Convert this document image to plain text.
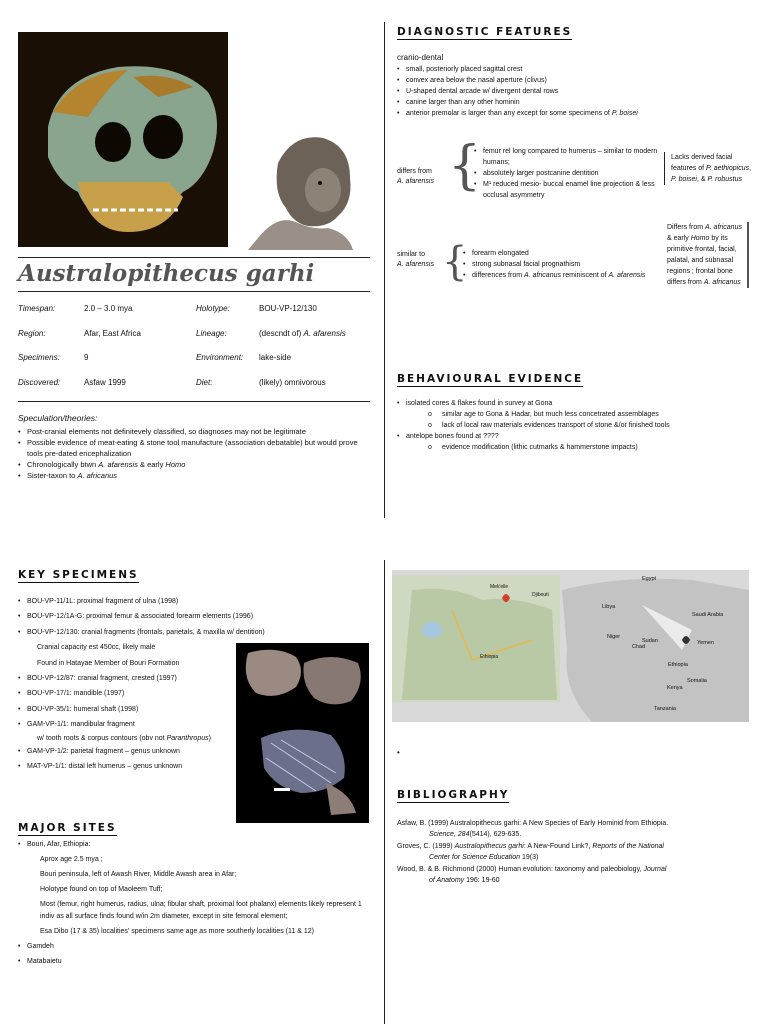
Australopithecus garhi
Timespan:	2.0 – 3.0 mya	Holotype:	BOU-VP-12/130
Region:	Afar, East Africa	Lineage:	(descndt of) A. afarensis
Specimens:	9	Environment: lake-side
Discovered:	Asfaw 1999	Diet:	(likely) omnivorous
Speculation/theories:
• Post-cranial elements not definitevely classified, so diagnoses may not be legitimate
• Possible evidence of meat-eating & stone tool manufacture (association debatable) but would prove tools pre-dated encephalization
• Chronologically btwn A. afarensis & early Homo
• Sister-taxon to A. africanus
DIAGNOSTIC FEATURES
cranio-dental
• small, posteriorly placed sagittal crest
• convex area below the nasal aperture (clivus)
• U-shaped dental arcade w/ divergent dental rows
• canine larger than any other hominin
• anterior premolar is larger than any except for some specimens of P. boisei
differs from
A. afarensis { • femur rel long compared to humerus – similar to modern humans;
• absolutely larger postcanine dentition
• M¹ reduced mesio- buccal enamel line projection & less occlusal asymmetry
Lacks derived facial features of P. aethiopicus, P. boisei, & P. robustus
similar to
A. afarensis { • forearm elongated
• strong subnasal facial prognathism
• differences from A. africanus reminiscent of A. afarensis
Differs from A. africanus & early Homo by its primitive frontal, facial, palatal, and subnasal regions ; frontal bone differs from A. africanus
BEHAVIOURAL EVIDENCE
• isolated cores & flakes found in survey at Gona
o similar age to Gona & Hadar, but much less concetrated assemblages
o lack of local raw materials evidences transport of stone &/or finished tools
• antelope bones found at ????
o evidence modification (lithic cutmarks & hammerstone impacts)
KEY SPECIMENS
• BOU-VP-11/1L: proximal fragment of ulna (1998)
• BOU-VP-12/1A-G: proximal femur & associated forearm elements (1996)
• BOU-VP-12/130: cranial fragments (frontals, parietals, & maxilla w/ dentition)
Cranial capacity est 450cc, likely male
Found in Hatayae Member of Bouri Formation
• BOU-VP-12/87: cranial fragment, crested (1997)
• BOU-VP-17/1: mandible (1997)
• BOU-VP-35/1: humeral shaft (1998)
• GAM-VP-1/1: mandibular fragment
w/ tooth roots & corpus contours (obv not Paranthropus)
• GAM-VP-1/2: parietal fragment – genus unknown
• MAT-VP-1/1: distal left humerus – genus unknown
MAJOR SITES
• Bouri, Afar, Ethiopia:
Aprox age 2.5 mya ;
Bouri peninsula, left of Awash River, Middle Awash area in Afar;
Holotype found on top of Maoleem Tuff;
Most (femur, right humerus, radius, ulna; fibular shaft, proximal foot phalanx) elements likely represent 1 indiv as all surface finds found w/in 2m diameter, except in site femoral element;
Esa Dibo (17 & 35) localities' specimens same age as more southerly localities (11 & 12)
• Gamdeh
• Matabaietu
Mek'elle
Djibouti
Ethiopia
Libya
Egypt
Saudi Arabia
Niger
Chad
Sudan	Yemen
Ethiopia
Somalia
Kenya
Tanzania
•
BIBLIOGRAPHY
Asfaw, B. (1999) Australopithecus garhi: A New Species of Early Hominid from Ethiopia.
Science, 284(5414), 629-635.
Groves, C. (1999) Australopithecus garhi: A New-Found Link?, Reports of the National
Center for Science Education 19(3)
Wood, B. & B. Richmond (2000) Human evolution: taxonomy and paleobiology, Journal
of Anatomy 196: 19-60
